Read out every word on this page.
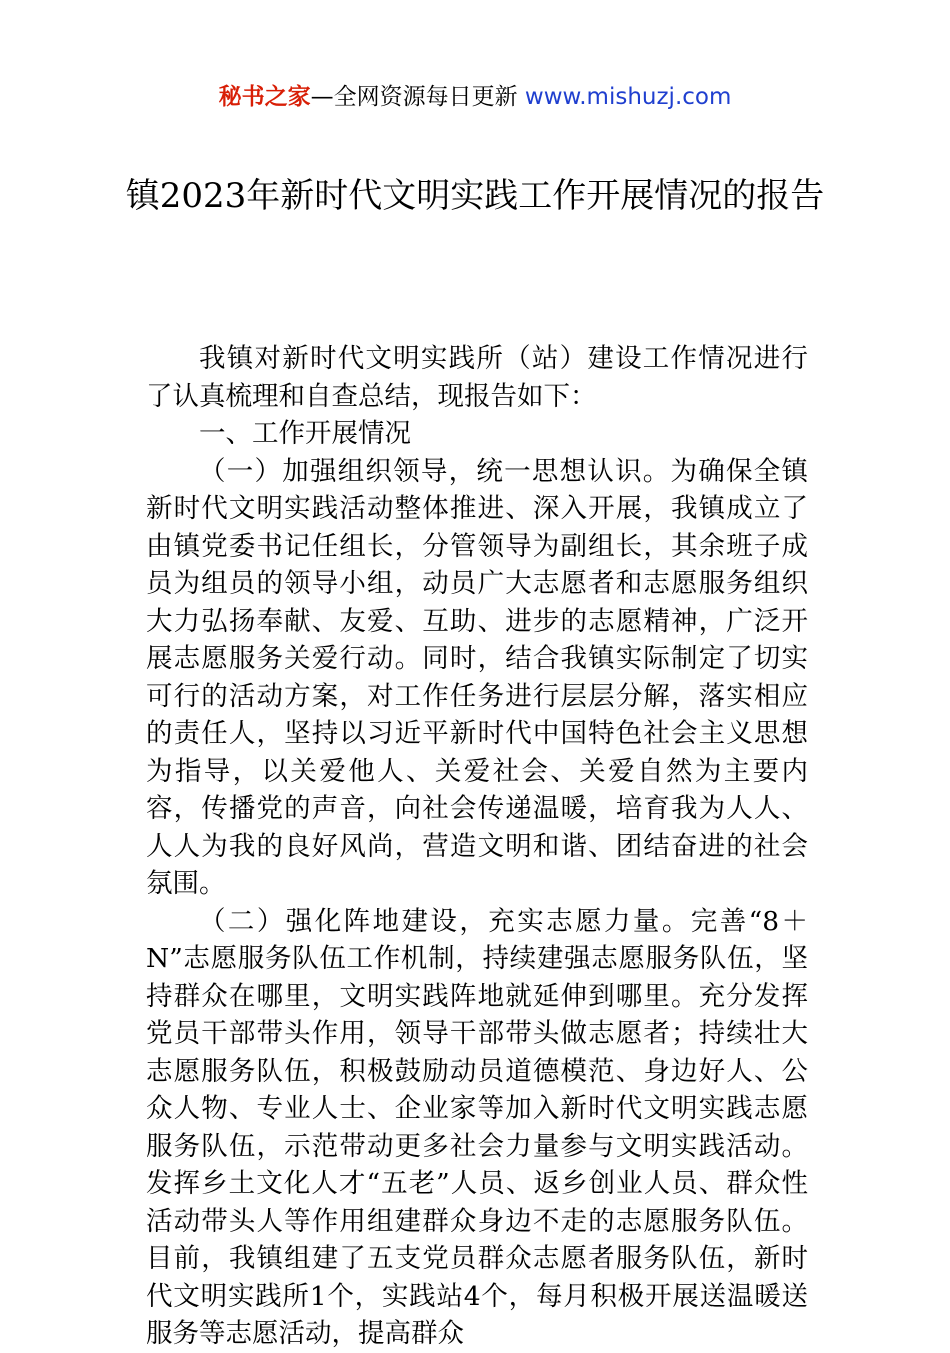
秘书之家—全网资源每日更新 www.mishuzj.com
镇2023年新时代文明实践工作开展情况的报告

我镇对新时代文明实践所（站）建设工作情况进行了认真梳理和自查总结，现报告如下：

一、工作开展情况

（一）加强组织领导，统一思想认识。为确保全镇新时代文明实践活动整体推进、深入开展，我镇成立了由镇党委书记任组长，分管领导为副组长，其余班子成员为组员的领导小组，动员广大志愿者和志愿服务组织大力弘扬奉献、友爱、互助、进步的志愿精神，广泛开展志愿服务关爱行动。同时，结合我镇实际制定了切实可行的活动方案，对工作任务进行层层分解，落实相应的责任人，坚持以习近平新时代中国特色社会主义思想为指导，以关爱他人、关爱社会、关爱自然为主要内容，传播党的声音，向社会传递温暖，培育我为人人、人人为我的良好风尚，营造文明和谐、团结奋进的社会氛围。

（二）强化阵地建设，充实志愿力量。完善“8＋N”志愿服务队伍工作机制，持续建强志愿服务队伍，坚持群众在哪里，文明实践阵地就延伸到哪里。充分发挥党员干部带头作用，领导干部带头做志愿者；持续壮大志愿服务队伍，积极鼓励动员道德模范、身边好人、公众人物、专业人士、企业家等加入新时代文明实践志愿服务队伍，示范带动更多社会力量参与文明实践活动。发挥乡土文化人才“五老”人员、返乡创业人员、群众性活动带头人等作用组建群众身边不走的志愿服务队伍。目前，我镇组建了五支党员群众志愿者服务队伍，新时代文明实践所1个，实践站4个，每月积极开展送温暖送服务等志愿活动，提高群众
